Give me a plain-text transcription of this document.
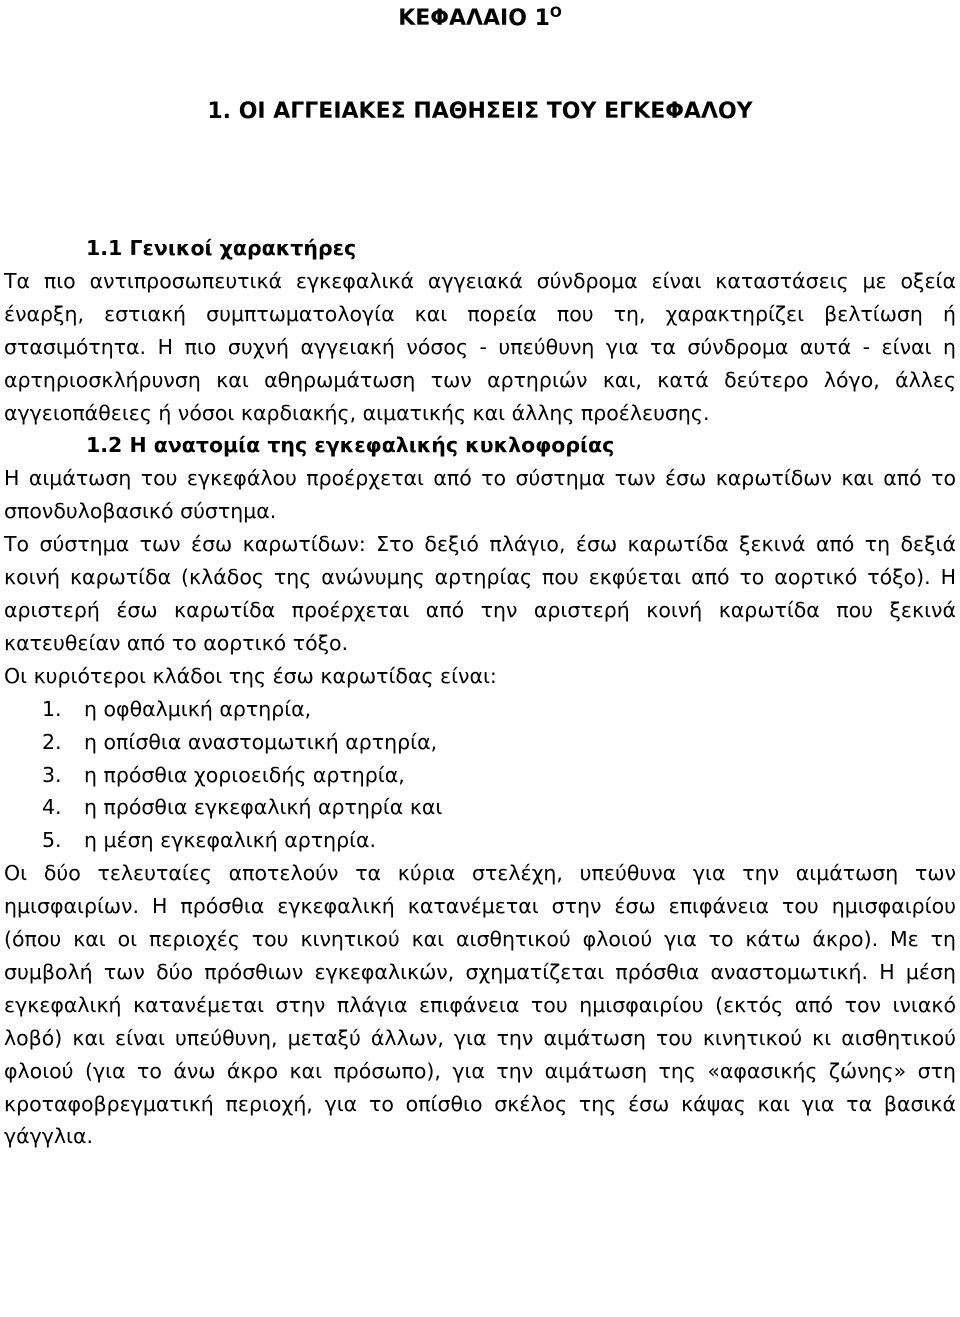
ΚΕΦΑΛΑΙΟ $1^O$
1. ΟΙ ΑΓΓΕΙΑΚΕΣ ΠΑΘΗΣΕΙΣ ΤΟΥ ΕΓΚΕΦΑΛΟΥ
1.1 Γενικοί χαρακτήρες

Τα πιο αντιπροσωπευτικά εγκεφαλικά αγγειακά σύνδρομα είναι καταστάσεις με οξεία έναρξη, εστιακή συμπτωματολογία και πορεία που τη, χαρακτηρίζει βελτίωση ή στασιμότητα. Η πιο συχνή αγγειακή νόσος - υπεύθυνη για τα σύνδρομα αυτά - είναι η αρτηριοσκλήρυνση και αθηρωμάτωση των αρτηριών και, κατά δεύτερο λόγο, άλλες αγγειοπάθειες ή νόσοι καρδιακής, αιματικής και άλλης προέλευσης.

1.2 Η ανατομία της εγκεφαλικής κυκλοφορίας

Η αιμάτωση του εγκεφάλου προέρχεται από το σύστημα των έσω καρωτίδων και από το σπονδυλοβασικό σύστημα.

Το σύστημα των έσω καρωτίδων: Στο δεξιό πλάγιο, έσω καρωτίδα ξεκινά από τη δεξιά κοινή καρωτίδα (κλάδος της ανώνυμης αρτηρίας που εκφύεται από το αορτικό τόξο). Η αριστερή έσω καρωτίδα προέρχεται από την αριστερή κοινή καρωτίδα που ξεκινά κατευθείαν από το αορτικό τόξο.

Οι κυριότεροι κλάδοι της έσω καρωτίδας είναι:

1. η οφθαλμική αρτηρία,
2. η οπίσθια αναστομωτική αρτηρία,
3. η πρόσθια χοριοειδής αρτηρία,
4. η πρόσθια εγκεφαλική αρτηρία και
5. η μέση εγκεφαλική αρτηρία.

Οι δύο τελευταίες αποτελούν τα κύρια στελέχη, υπεύθυνα για την αιμάτωση των ημισφαιρίων. Η πρόσθια εγκεφαλική κατανέμεται στην έσω επιφάνεια του ημισφαιρίου (όπου και οι περιοχές του κινητικού και αισθητικού φλοιού για το κάτω άκρο). Με τη συμβολή των δύο πρόσθιων εγκεφαλικών, σχηματίζεται πρόσθια αναστομωτική. Η μέση εγκεφαλική κατανέμεται στην πλάγια επιφάνεια του ημισφαιρίου (εκτός από τον ινιακό λοβό) και είναι υπεύθυνη, μεταξύ άλλων, για την αιμάτωση του κινητικού κι αισθητικού φλοιού (για το άνω άκρο και πρόσωπο), για την αιμάτωση της «αφασικής ζώνης» στη κροταφοβρεγματική περιοχή, για το οπίσθιο σκέλος της έσω κάψας και για τα βασικά γάγγλια.
